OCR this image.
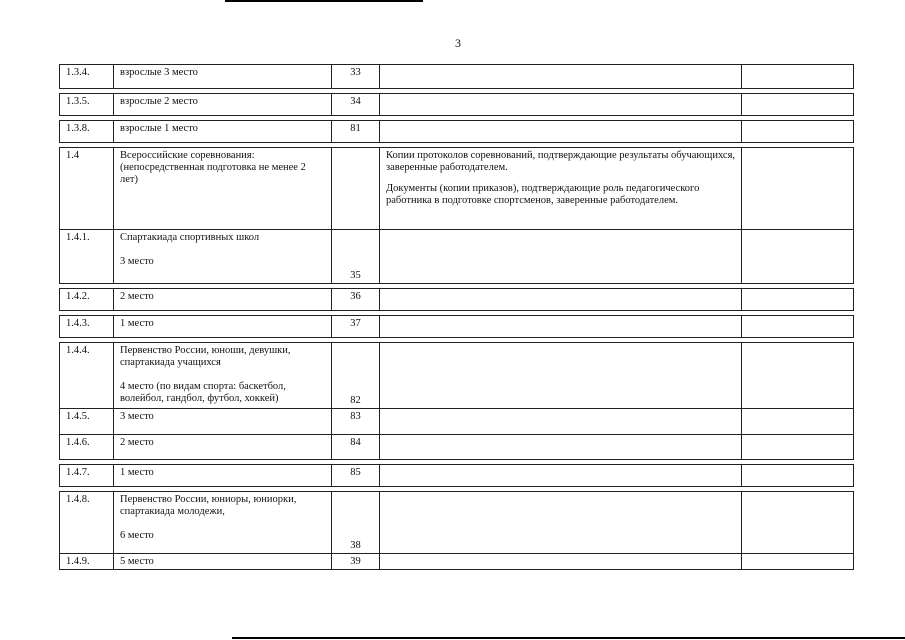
3
1.3.4.	взрослые 3 место	33		

1.3.5.	взрослые 2 место	34		

1.3.8.	взрослые 1 место	81		

1.4	Всероссийские соревнования: (непосредственная подготовка не менее 2 лет)		Копии протоколов соревнований, подтверждающие результаты обучающихся, заверенные работодателем.
Документы (копии приказов), подтверждающие роль педагогического работника в подготовке спортсменов, заверенные работодателем.	

1.4.1.	Спартакиада спортивных школ
3 место	35		

1.4.2.	2 место	36		

1.4.3.	1 место	37		

1.4.4.	Первенство России, юноши, девушки, спартакиада учащихся
4 место (по видам спорта: баскетбол, волейбол, гандбол, футбол, хоккей)	82		
1.4.5.	3 место	83		
1.4.6.	2 место	84		

1.4.7.	1 место	85		

1.4.8.	Первенство России, юниоры, юниорки, спартакиада молодежи,
6 место	38		
1.4.9.	5 место	39		
